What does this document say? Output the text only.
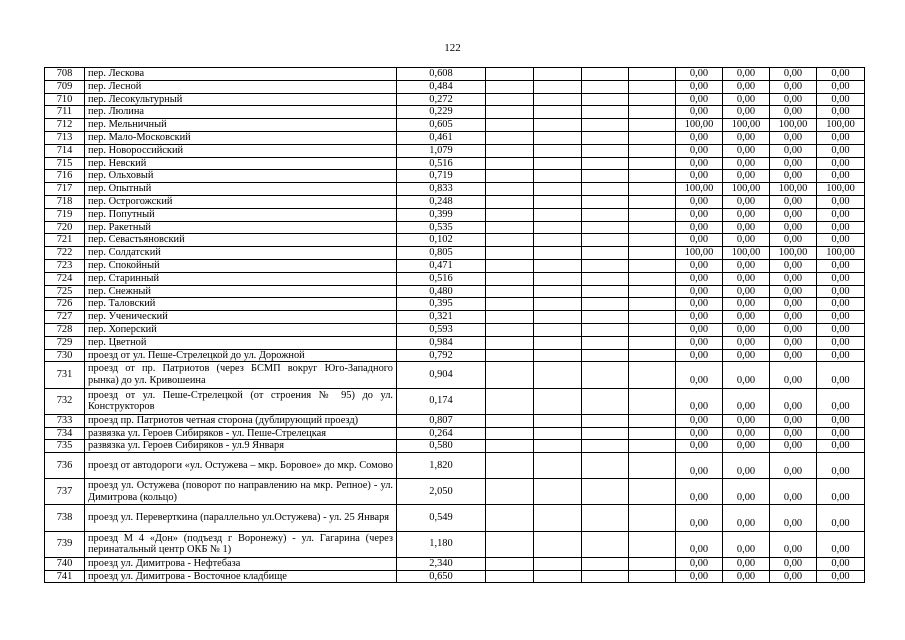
122
708	пер. Лескова	0,608					0,00	0,00	0,00	0,00
709	пер. Лесной	0,484					0,00	0,00	0,00	0,00
710	пер. Лесокультурный	0,272					0,00	0,00	0,00	0,00
711	пер. Люлина	0,229					0,00	0,00	0,00	0,00
712	пер. Мельничный	0,605					100,00	100,00	100,00	100,00
713	пер. Мало-Московский	0,461					0,00	0,00	0,00	0,00
714	пер. Новороссийский	1,079					0,00	0,00	0,00	0,00
715	пер. Невский	0,516					0,00	0,00	0,00	0,00
716	пер. Ольховый	0,719					0,00	0,00	0,00	0,00
717	пер. Опытный	0,833					100,00	100,00	100,00	100,00
718	пер. Острогожский	0,248					0,00	0,00	0,00	0,00
719	пер. Попутный	0,399					0,00	0,00	0,00	0,00
720	пер. Ракетный	0,535					0,00	0,00	0,00	0,00
721	пер. Севастьяновский	0,102					0,00	0,00	0,00	0,00
722	пер. Солдатский	0,805					100,00	100,00	100,00	100,00
723	пер. Спокойный	0,471					0,00	0,00	0,00	0,00
724	пер. Старинный	0,516					0,00	0,00	0,00	0,00
725	пер. Снежный	0,480					0,00	0,00	0,00	0,00
726	пер. Таловский	0,395					0,00	0,00	0,00	0,00
727	пер. Ученический	0,321					0,00	0,00	0,00	0,00
728	пер. Хоперский	0,593					0,00	0,00	0,00	0,00
729	пер. Цветной	0,984					0,00	0,00	0,00	0,00
730	проезд от ул. Пеше-Стрелецкой до ул. Дорожной	0,792					0,00	0,00	0,00	0,00
731	проезд от пр. Патриотов (через БСМП вокруг Юго-Западного рынка) до ул. Кривошеина	0,904					0,00	0,00	0,00	0,00
732	проезд от ул. Пеше-Стрелецкой (от строения № 95) до ул. Конструкторов	0,174					0,00	0,00	0,00	0,00
733	проезд пр. Патриотов четная сторона (дублирующий проезд)	0,807					0,00	0,00	0,00	0,00
734	развязка ул. Героев Сибиряков - ул. Пеше-Стрелецкая	0,264					0,00	0,00	0,00	0,00
735	развязка ул. Героев Сибиряков - ул.9 Января	0,580					0,00	0,00	0,00	0,00
736	проезд от автодороги «ул. Остужева – мкр. Боровое» до мкр. Сомово	1,820					0,00	0,00	0,00	0,00
737	проезд ул. Остужева (поворот по направлению на мкр. Репное) - ул. Димитрова (кольцо)	2,050					0,00	0,00	0,00	0,00
738	проезд ул. Переверткина (параллельно ул.Остужева) - ул. 25 Января	0,549					0,00	0,00	0,00	0,00
739	проезд М 4 «Дон» (подъезд г Воронежу) - ул. Гагарина (через перинатальный центр ОКБ № 1)	1,180					0,00	0,00	0,00	0,00
740	проезд ул. Димитрова - Нефтебаза	2,340					0,00	0,00	0,00	0,00
741	проезд ул. Димитрова - Восточное кладбище	0,650					0,00	0,00	0,00	0,00
